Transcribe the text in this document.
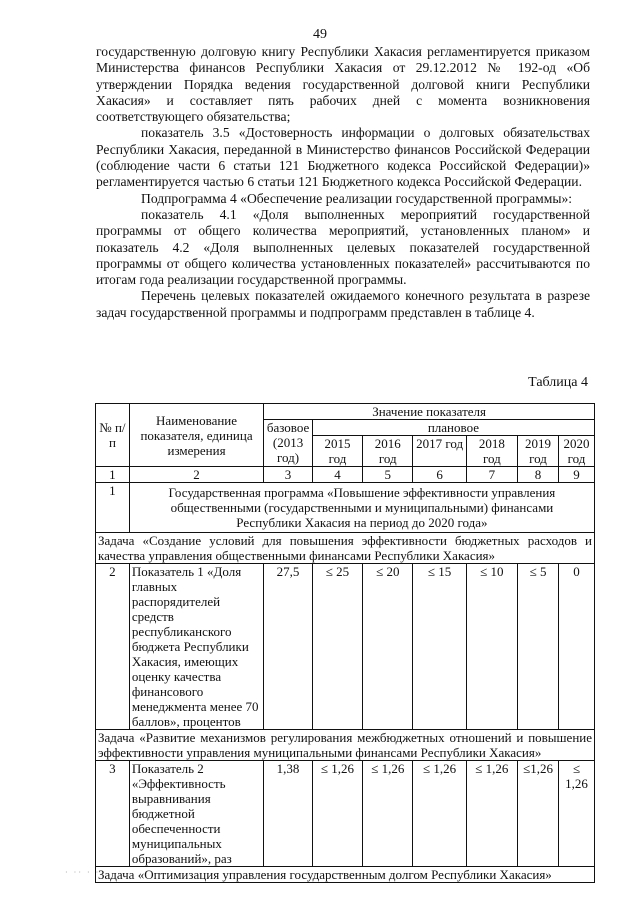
49

государственную долговую книгу Республики Хакасия регламентируется приказом Министерства финансов Республики Хакасия от 29.12.2012 № 192-од «Об утверждении Порядка ведения государственной долговой книги Республики Хакасия» и составляет пять рабочих дней с момента возникновения соответствующего обязательства;

показатель 3.5 «Достоверность информации о долговых обязательствах Республики Хакасия, переданной в Министерство финансов Российской Федерации (соблюдение части 6 статьи 121 Бюджетного кодекса Российской Федерации)» регламентируется частью 6 статьи 121 Бюджетного кодекса Российской Федерации.

Подпрограмма 4 «Обеспечение реализации государственной программы»:

показатель 4.1 «Доля выполненных мероприятий государственной программы от общего количества мероприятий, установленных планом» и показатель 4.2 «Доля выполненных целевых показателей государственной программы от общего количества установленных показателей» рассчитываются по итогам года реализации государственной программы.

Перечень целевых показателей ожидаемого конечного результата в разрезе задач государственной программы и подпрограмм представлен в таблице 4.

Таблица 4
№ п/п	Наименование показателя, единица измерения	Значение показателя						
		базовое (2013 год)	плановое					
			2015 год	2016 год	2017 год	2018 год	2019 год	2020 год
1	2	3	4	5	6	7	8	9
1	Государственная программа «Повышение эффективности управления общественными (государственными и муниципальными) финансами Республики Хакасия на период до 2020 года»							
Задача «Создание условий для повышения эффективности бюджетных расходов и качества управления общественными финансами Республики Хакасия»								
2	Показатель 1 «Доля главных распорядителей средств республиканского бюджета Республики Хакасия, имеющих оценку качества финансового менеджмента менее 70 баллов», процентов	27,5	≤ 25	≤ 20	≤ 15	≤ 10	≤ 5	0
Задача «Развитие механизмов регулирования межбюджетных отношений и повышение эффективности управления муниципальными финансами Республики Хакасия»								
3	Показатель 2 «Эффективность выравнивания бюджетной обеспеченности муниципальных образований», раз	1,38	≤ 1,26	≤ 1,26	≤ 1,26	≤ 1,26	≤1,26	≤ 1,26
Задача «Оптимизация управления государственным долгом Республики Хакасия»								
· ·· · ·
